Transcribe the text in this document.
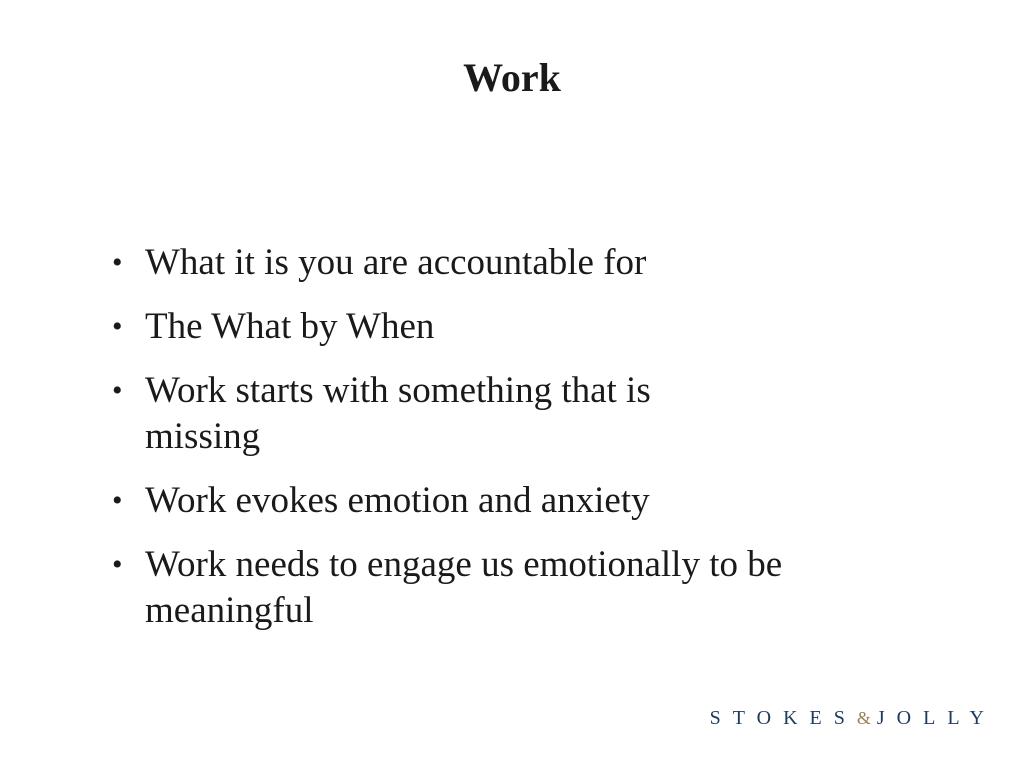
Work
• What it is you are accountable for
• The What by When
• Work starts with something that is missing
• Work evokes emotion and anxiety
• Work needs to engage us emotionally to be meaningful
STOKES&JOLLY
